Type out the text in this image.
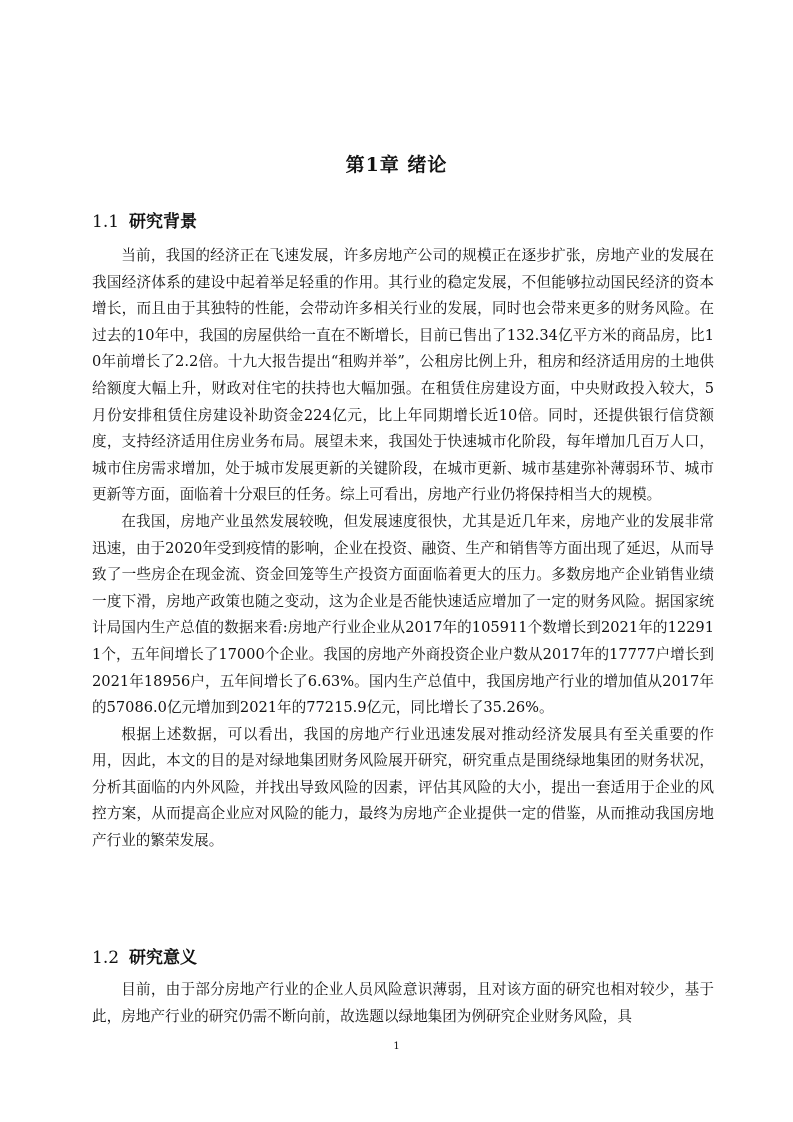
第1章 绪论
1.1 研究背景

当前，我国的经济正在飞速发展，许多房地产公司的规模正在逐步扩张，房地产业的发展在我国经济体系的建设中起着举足轻重的作用。其行业的稳定发展，不但能够拉动国民经济的资本增长，而且由于其独特的性能，会带动许多相关行业的发展，同时也会带来更多的财务风险。在过去的10年中，我国的房屋供给一直在不断增长，目前已售出了132.34亿平方米的商品房，比10年前增长了2.2倍。十九大报告提出“租购并举”，公租房比例上升，租房和经济适用房的土地供给额度大幅上升，财政对住宅的扶持也大幅加强。在租赁住房建设方面，中央财政投入较大，5月份安排租赁住房建设补助资金224亿元，比上年同期增长近10倍。同时，还提供银行信贷额度，支持经济适用住房业务布局。展望未来，我国处于快速城市化阶段，每年增加几百万人口，城市住房需求增加，处于城市发展更新的关键阶段，在城市更新、城市基建弥补薄弱环节、城市更新等方面，面临着十分艰巨的任务。综上可看出，房地产行业仍将保持相当大的规模。

在我国，房地产业虽然发展较晚，但发展速度很快，尤其是近几年来，房地产业的发展非常迅速，由于2020年受到疫情的影响，企业在投资、融资、生产和销售等方面出现了延迟，从而导致了一些房企在现金流、资金回笼等生产投资方面面临着更大的压力。多数房地产企业销售业绩一度下滑，房地产政策也随之变动，这为企业是否能快速适应增加了一定的财务风险。据国家统计局国内生产总值的数据来看:房地产行业企业从2017年的105911个数增长到2021年的122911个，五年间增长了17000个企业。我国的房地产外商投资企业户数从2017年的17777户增长到2021年18956户，五年间增长了6.63%。国内生产总值中，我国房地产行业的增加值从2017年的57086.0亿元增加到2021年的77215.9亿元，同比增长了35.26%。

根据上述数据，可以看出，我国的房地产行业迅速发展对推动经济发展具有至关重要的作用，因此，本文的目的是对绿地集团财务风险展开研究，研究重点是围绕绿地集团的财务状况，分析其面临的内外风险，并找出导致风险的因素，评估其风险的大小，提出一套适用于企业的风控方案，从而提高企业应对风险的能力，最终为房地产企业提供一定的借鉴，从而推动我国房地产行业的繁荣发展。

1.2 研究意义

目前，由于部分房地产行业的企业人员风险意识薄弱，且对该方面的研究也相对较少，基于此，房地产行业的研究仍需不断向前，故选题以绿地集团为例研究企业财务风险，具

1
